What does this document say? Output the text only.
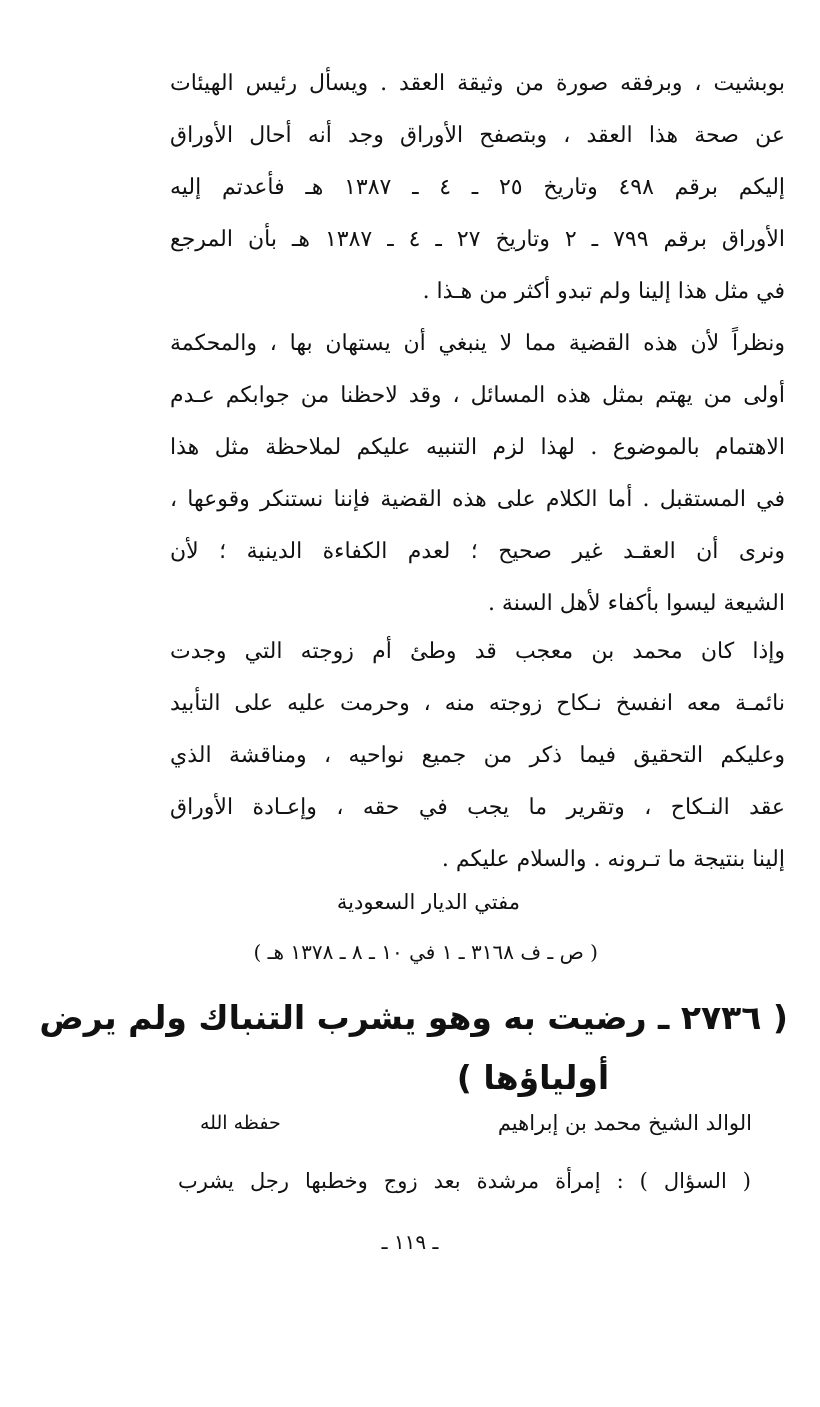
بوبشيت ، وبرفقه صورة من وثيقة العقد . ويسأل رئيس الهيئات
عن صحة هذا العقد ، وبتصفح الأوراق وجد أنه أحال الأوراق
إليكم برقم ٤٩٨ وتاريخ ٢٥ ـ ٤ ـ ١٣٨٧ هـ فأعدتم إليه
الأوراق برقم ٧٩٩ ـ ٢ وتاريخ ٢٧ ـ ٤ ـ ١٣٨٧ هـ بأن المرجع
في مثل هذا إلينا ولم تبدو أكثر من هـذا .
ونظراً لأن هذه القضية مما لا ينبغي أن يستهان بها ، والمحكمة
أولى من يهتم بمثل هذه المسائل ، وقد لاحظنا من جوابكم عـدم
الاهتمام بالموضوع . لهذا لزم التنبيه عليكم لملاحظة مثل هذا
في المستقبل . أما الكلام على هذه القضية فإننا نستنكر وقوعها ،
ونرى أن العقـد غير صحيح ؛ لعدم الكفاءة الدينية ؛ لأن
الشيعة ليسوا بأكفاء لأهل السنة .
وإذا كان محمد بن معجب قد وطئ أم زوجته التي وجدت
نائمـة معه انفسخ نـكاح زوجته منه ، وحرمت عليه على التأبيد
وعليكم التحقيق فيما ذكر من جميع نواحيه ، ومناقشة الذي
عقد النـكاح ، وتقرير ما يجب في حقه ، وإعـادة الأوراق
إلينا بنتيجة ما تـرونه . والسلام عليكم .
مفتي الديار السعودية
( ص ـ ف ٣١٦٨ ـ ١ في ١٠ ـ ٨ ـ ١٣٧٨ هـ )
( ٢٧٣٦ ـ رضيت به وهو يشرب التنباك ولم يرض
أولياؤها )
الوالد الشيخ محمد بن إبراهيم
حفظه الله
( السؤال ) : إمرأة مرشدة بعد زوج وخطبها رجل يشرب
ـ ١١٩ ـ
